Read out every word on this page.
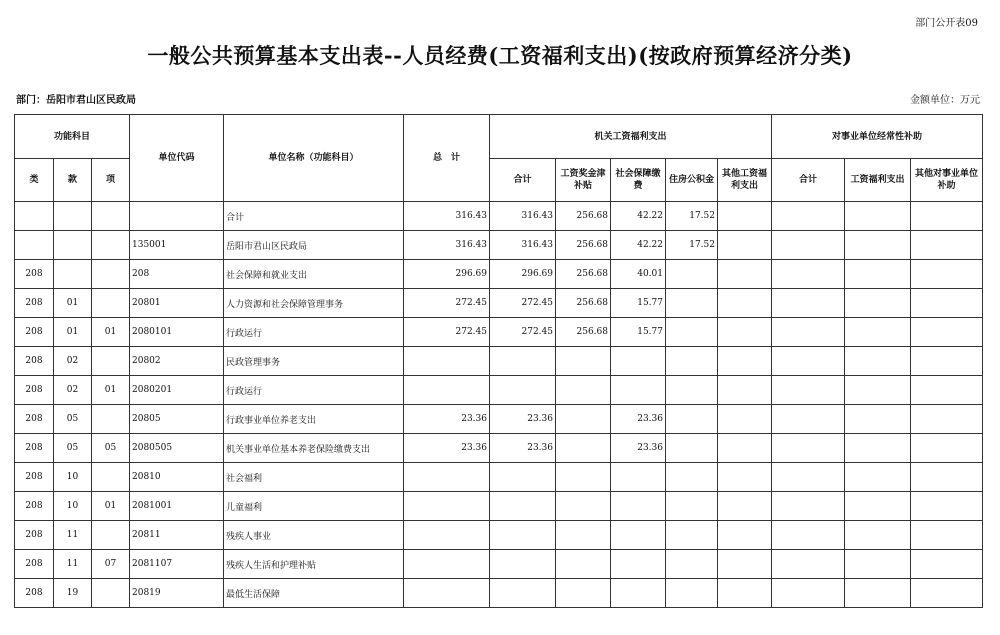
部门公开表09
一般公共预算基本支出表--人员经费(工资福利支出)(按政府预算经济分类)
部门：岳阳市君山区民政局	金额单位：万元
功能科目			单位代码	单位名称（功能科目）	总　计	机关工资福利支出					对事业单位经常性补助		
类	款	项				合计	工资奖金津补贴	社会保障缴费	住房公积金	其他工资福利支出	合计	工资福利支出	其他对事业单位补助
				合计	316.43	316.43	256.68	42.22	17.52				
			135001	岳阳市君山区民政局	316.43	316.43	256.68	42.22	17.52				
208			208	社会保障和就业支出	296.69	296.69	256.68	40.01					
208	01		20801	人力资源和社会保障管理事务	272.45	272.45	256.68	15.77					
208	01	01	2080101	行政运行	272.45	272.45	256.68	15.77					
208	02		20802	民政管理事务									
208	02	01	2080201	行政运行									
208	05		20805	行政事业单位养老支出	23.36	23.36		23.36					
208	05	05	2080505	机关事业单位基本养老保险缴费支出	23.36	23.36		23.36					
208	10		20810	社会福利									
208	10	01	2081001	儿童福利									
208	11		20811	残疾人事业									
208	11	07	2081107	残疾人生活和护理补贴									
208	19		20819	最低生活保障									
